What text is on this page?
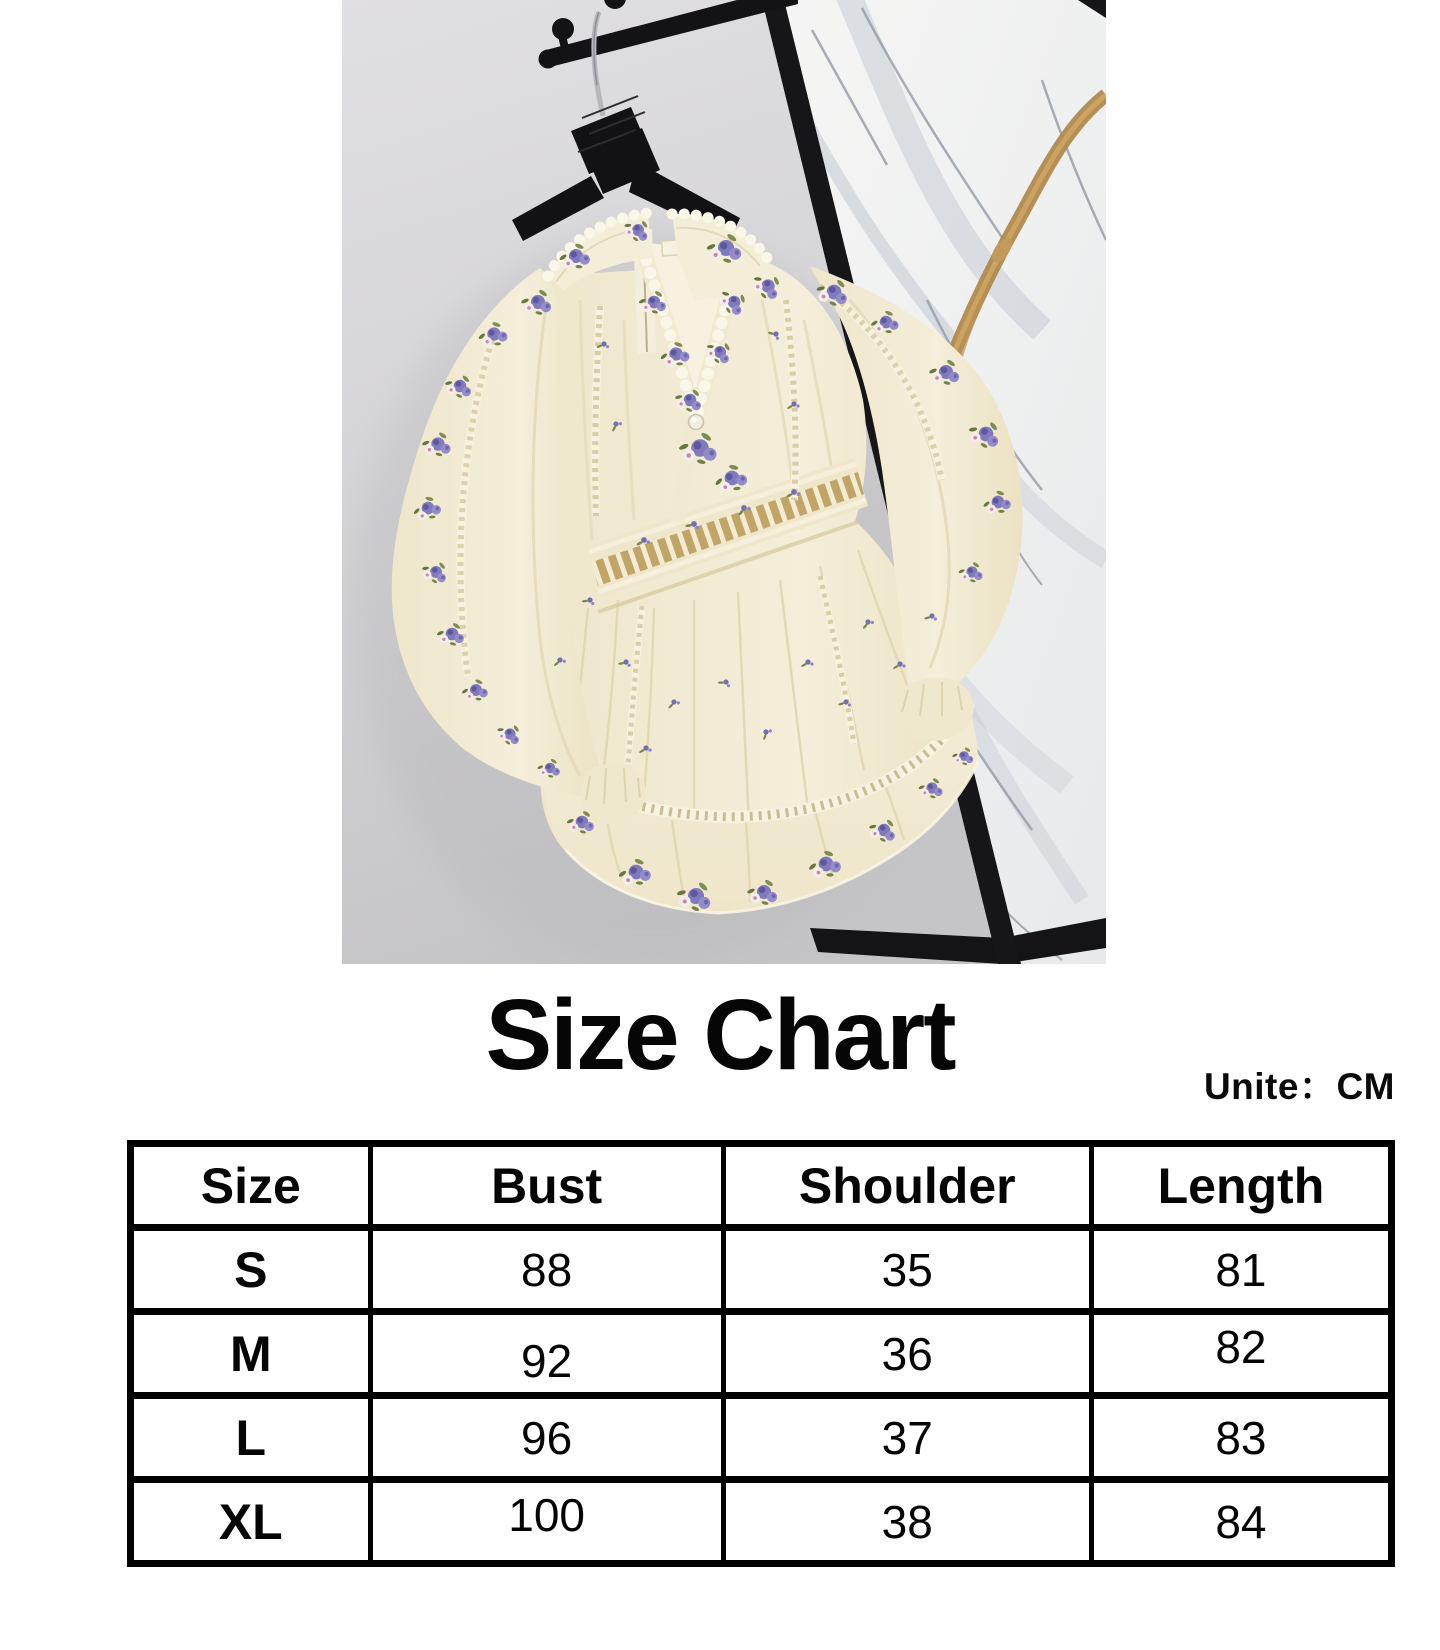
Size Chart	Unite：CM
Size	Bust	Shoulder	Length
S	88	35	81
M	92	36	82
L	96	37	83
XL	100	38	84
